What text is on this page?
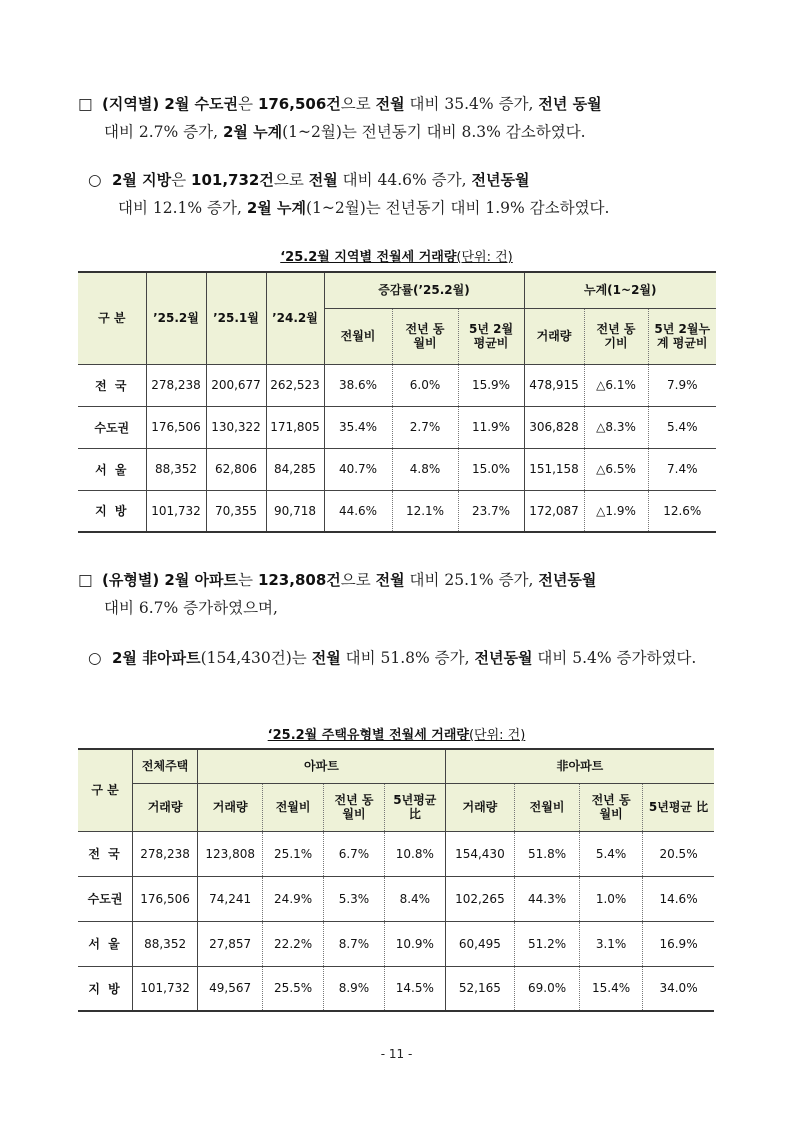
□ (지역별) 2월 수도권은 176,506건으로 전월 대비 35.4% 증가, 전년 동월
대비 2.7% 증가, 2월 누계(1~2월)는 전년동기 대비 8.3% 감소하였다.
○ 2월 지방은 101,732건으로 전월 대비 44.6% 증가, 전년동월
대비 12.1% 증가, 2월 누계(1~2월)는 전년동기 대비 1.9% 감소하였다.
‘25.2월 지역별 전월세 거래량(단위: 건)
구 분	’25.2월	’25.1월	’24.2월	증감률(’25.2월)			누계(1~2월)		
				전월비	전년 동월비	5년 2월 평균비	거래량	전년 동기비	5년 2월누계 평균비
전 국	278,238	200,677	262,523	38.6%	6.0%	15.9%	478,915	△6.1%	7.9%
수도권	176,506	130,322	171,805	35.4%	2.7%	11.9%	306,828	△8.3%	5.4%
서 울	88,352	62,806	84,285	40.7%	4.8%	15.0%	151,158	△6.5%	7.4%
지 방	101,732	70,355	90,718	44.6%	12.1%	23.7%	172,087	△1.9%	12.6%
□ (유형별) 2월 아파트는 123,808건으로 전월 대비 25.1% 증가, 전년동월
대비 6.7% 증가하였으며,
○ 2월 非아파트(154,430건)는 전월 대비 51.8% 증가, 전년동월 대비 5.4% 증가하였다.
‘25.2월 주택유형별 전월세 거래량(단위: 건)
구 분	전체주택	아파트				非아파트			
	거래량	거래량	전월비	전년 동월비	5년평균 比	거래량	전월비	전년 동월비	5년평균 比
전 국	278,238	123,808	25.1%	6.7%	10.8%	154,430	51.8%	5.4%	20.5%
수도권	176,506	74,241	24.9%	5.3%	8.4%	102,265	44.3%	1.0%	14.6%
서 울	88,352	27,857	22.2%	8.7%	10.9%	60,495	51.2%	3.1%	16.9%
지 방	101,732	49,567	25.5%	8.9%	14.5%	52,165	69.0%	15.4%	34.0%
- 11 -
